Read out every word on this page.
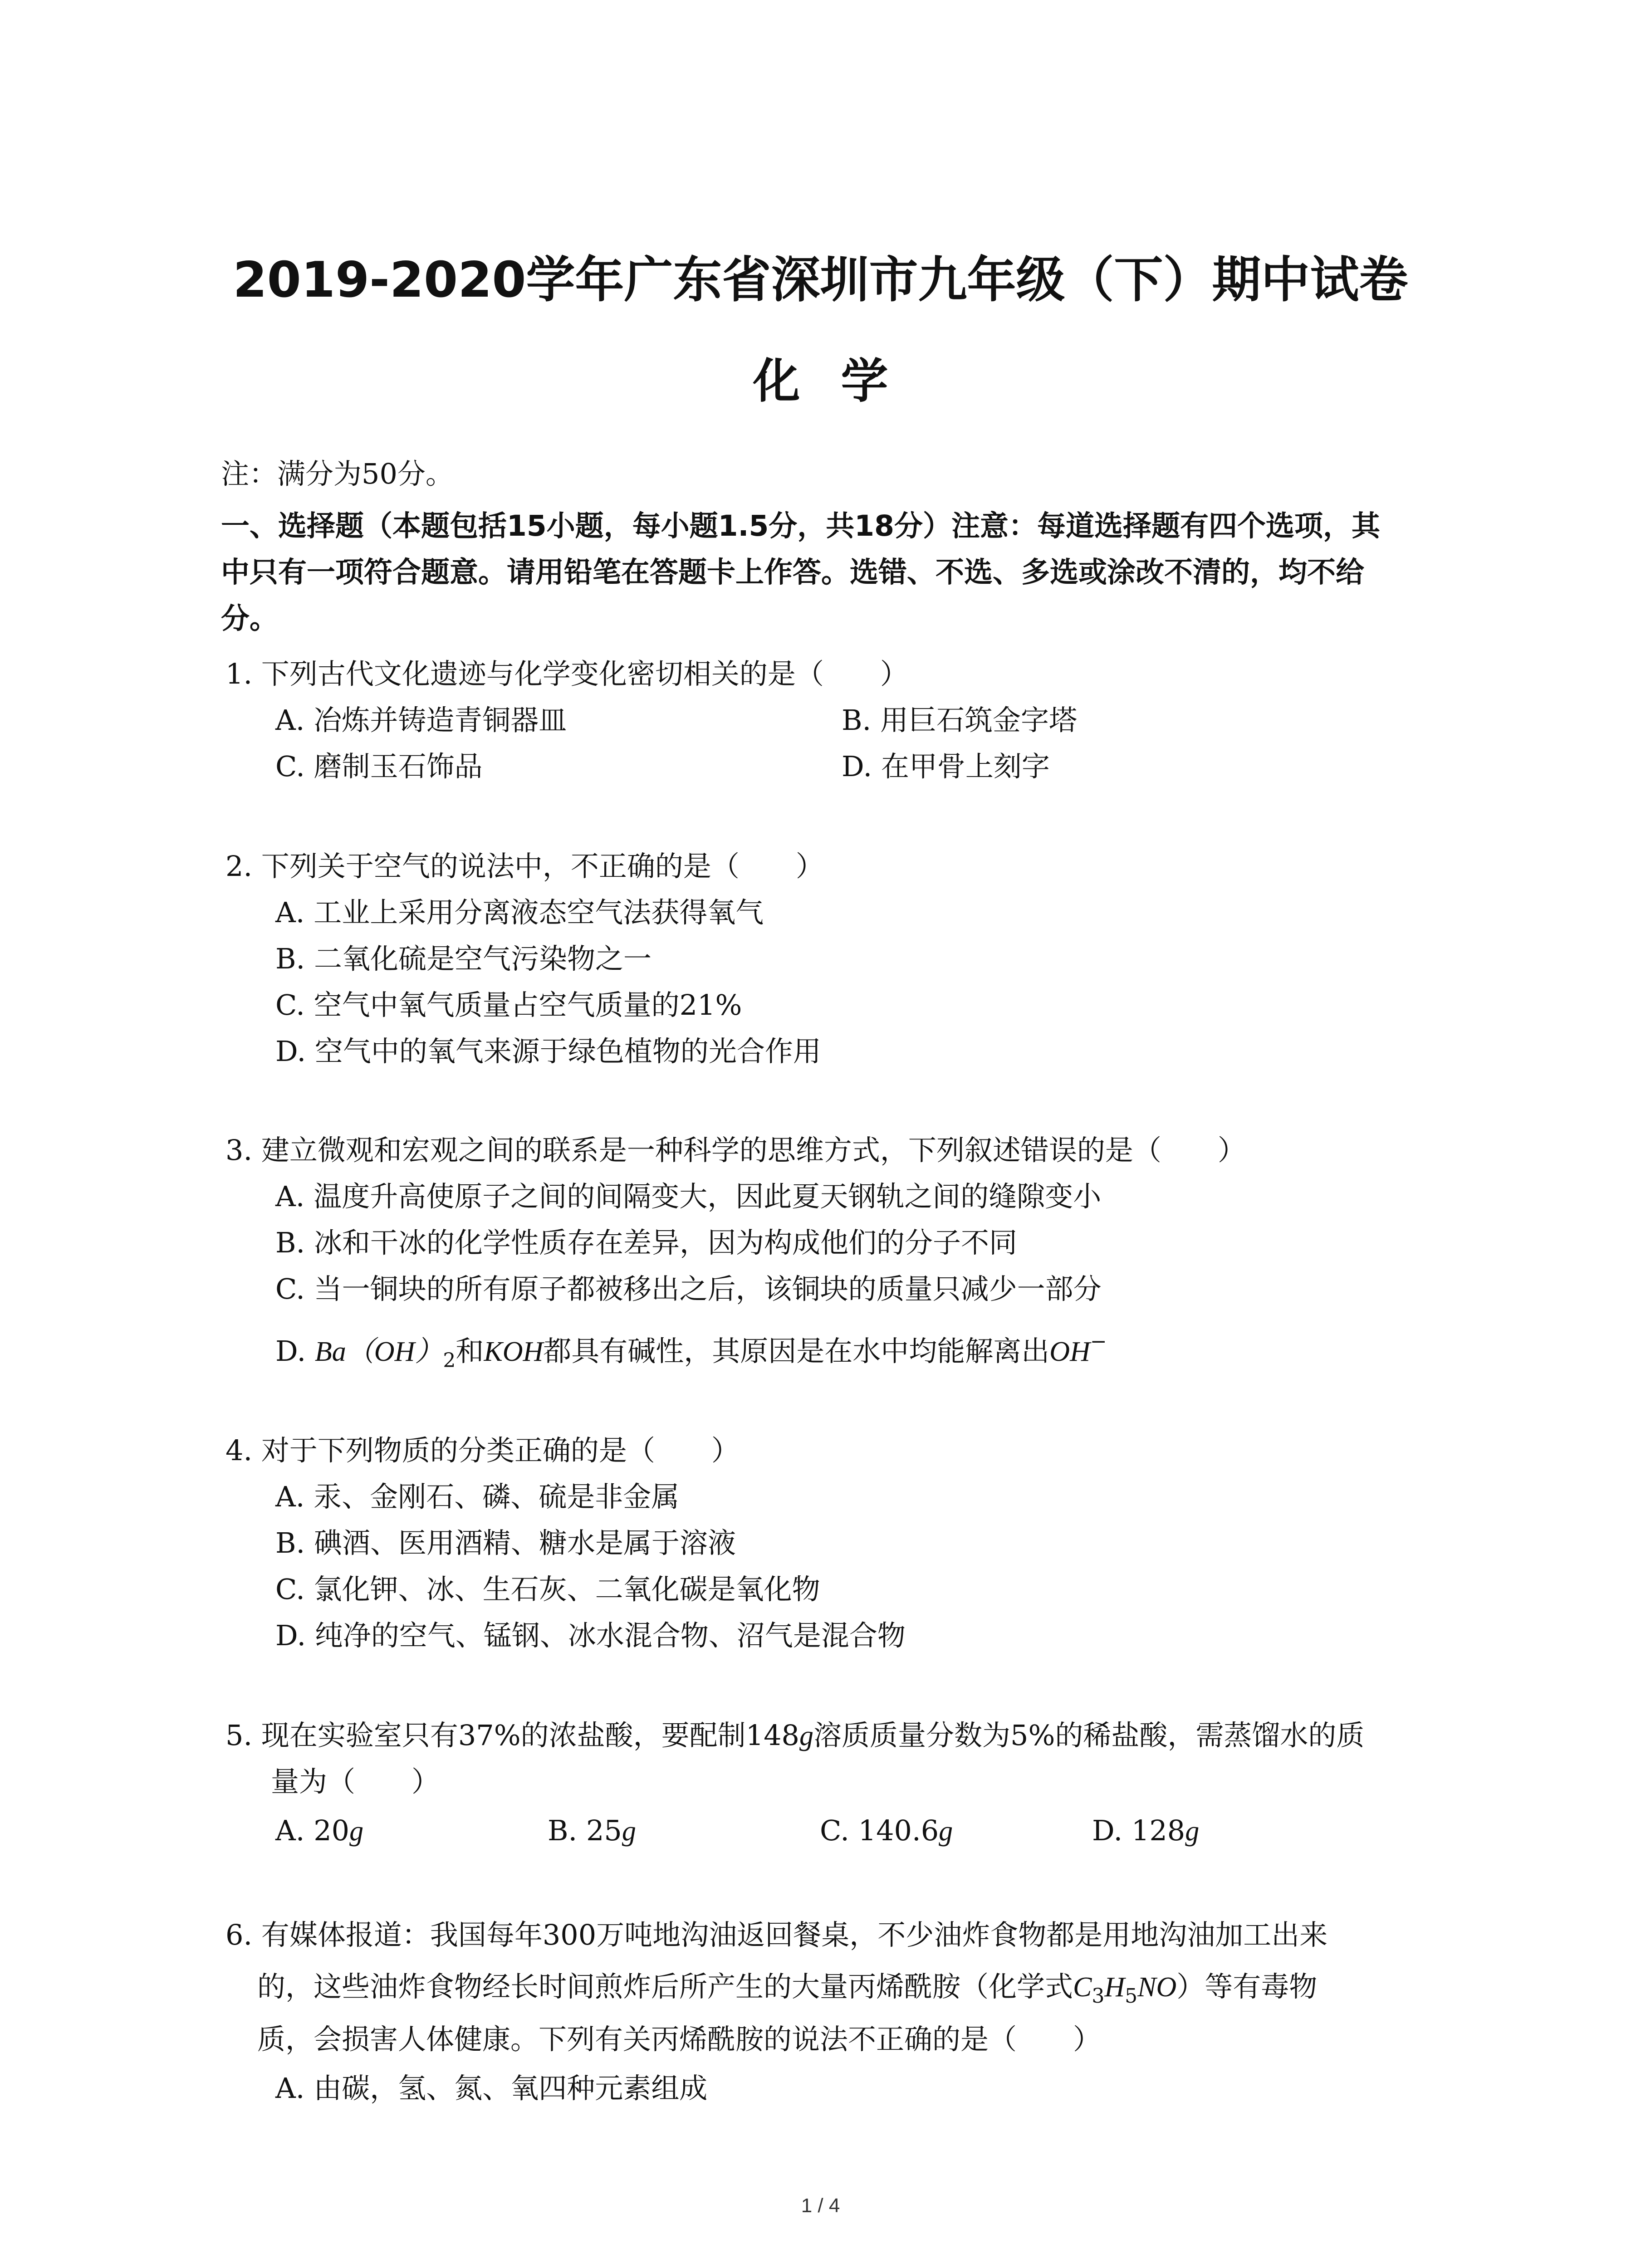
2019-2020学年广东省深圳市九年级（下）期中试卷
化学
注：满分为50分。
一、选择题（本题包括15小题，每小题1.5分，共18分）注意：每道选择题有四个选项，其
中只有一项符合题意。请用铅笔在答题卡上作答。选错、不选、多选或涂改不清的，均不给
分。
1. 下列古代文化遗迹与化学变化密切相关的是（　　）
A. 冶炼并铸造青铜器皿	B. 用巨石筑金字塔
C. 磨制玉石饰品	D. 在甲骨上刻字
2. 下列关于空气的说法中，不正确的是（　　）
A. 工业上采用分离液态空气法获得氧气
B. 二氧化硫是空气污染物之一
C. 空气中氧气质量占空气质量的21%
D. 空气中的氧气来源于绿色植物的光合作用
3. 建立微观和宏观之间的联系是一种科学的思维方式，下列叙述错误的是（　　）
A. 温度升高使原子之间的间隔变大，因此夏天钢轨之间的缝隙变小
B. 冰和干冰的化学性质存在差异，因为构成他们的分子不同
C. 当一铜块的所有原子都被移出之后，该铜块的质量只减少一部分
D. $Ba(OH)_2$和KOH都具有碱性，其原因是在水中均能解离出OH−
4. 对于下列物质的分类正确的是（　　）
A. 汞、金刚石、磷、硫是非金属
B. 碘酒、医用酒精、糖水是属于溶液
C. 氯化钾、冰、生石灰、二氧化碳是氧化物
D. 纯净的空气、锰钢、冰水混合物、沼气是混合物
5. 现在实验室只有37%的浓盐酸，要配制148g溶质质量分数为5%的稀盐酸，需蒸馏水的质
量为（　　）
A. 20g	B. 25g	C. 140.6g	D. 128g
6. 有媒体报道：我国每年300万吨地沟油返回餐桌，不少油炸食物都是用地沟油加工出来
的，这些油炸食物经长时间煎炸后所产生的大量丙烯酰胺（化学式$C_3H_5NO$）等有毒物
质，会损害人体健康。下列有关丙烯酰胺的说法不正确的是（　　）
A. 由碳，氢、氮、氧四种元素组成
1 / 4
